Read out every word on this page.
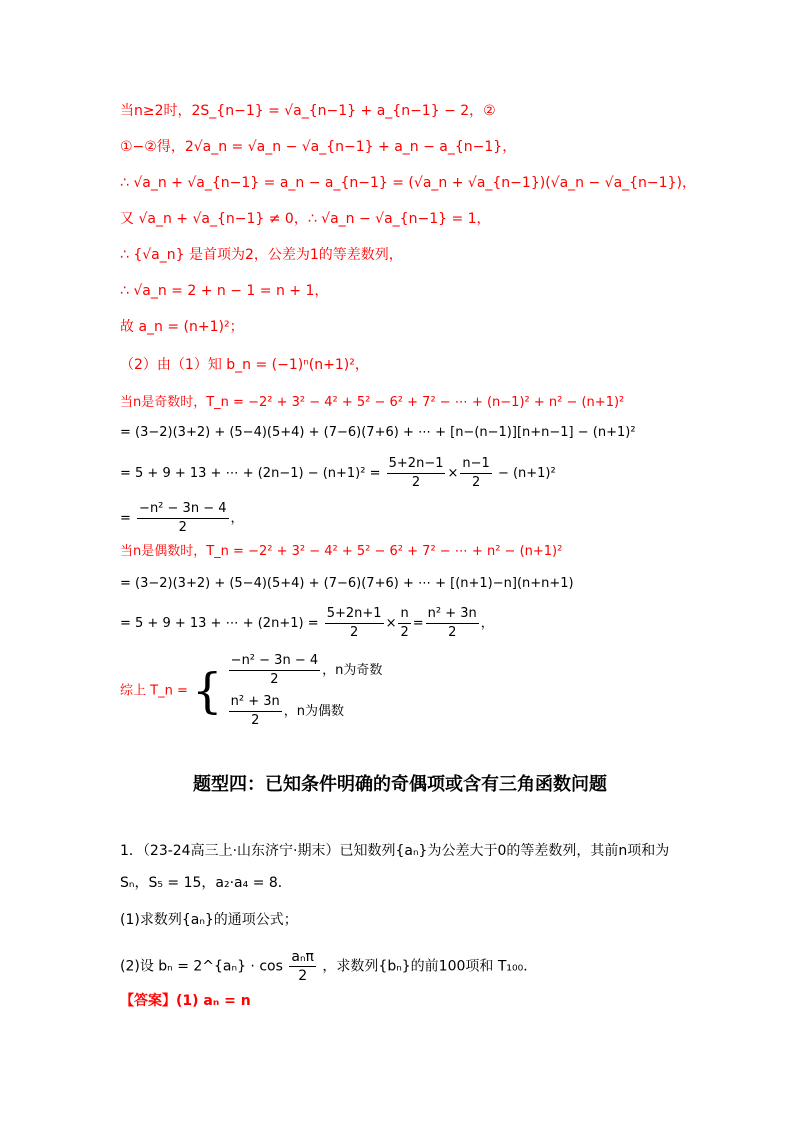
当n≥2时，2S_{n−1} = √a_{n−1} + a_{n−1} − 2，②
①−②得，2√a_n = √a_n − √a_{n−1} + a_n − a_{n−1}，
∴ √a_n + √a_{n−1} = a_n − a_{n−1} = (√a_n + √a_{n−1})(√a_n − √a_{n−1})，
又 √a_n + √a_{n−1} ≠ 0，∴ √a_n − √a_{n−1} = 1，
∴ {√a_n} 是首项为2，公差为1的等差数列，
∴ √a_n = 2 + n − 1 = n + 1，
故 a_n = (n+1)²；
（2）由（1）知 b_n = (−1)ⁿ(n+1)²，
当n是奇数时，T_n = −2² + 3² − 4² + 5² − 6² + 7² − ⋯ + (n−1)² + n² − (n+1)²
= (3−2)(3+2) + (5−4)(5+4) + (7−6)(7+6) + ⋯ + [n−(n−1)][n+n−1] − (n+1)²
= 5 + 9 + 13 + ⋯ + $(2n-1) - (n+1)^2 = \frac{5+2n-1}{2} \times \frac{n-1}{2} - (n+1)^2$
= $\frac{\text{−n² − 3n − 4}}{2}$ ，
当n是偶数时，T_n = −2² + 3² − 4² + 5² − 6² + 7² − ⋯ + n² − (n+1)²
= (3−2)(3+2) + (5−4)(5+4) + (7−6)(7+6) + ⋯ + [(n+1)−n](n+n+1)
= 5 + 9 + 13 + ⋯ + $(2n+1) = \frac{5+2n+1}{2} \times \frac{n}{2} = \frac{\text{n² + 3n}}{2}$ ，
综上 T_n = { $\frac{\text{−n² − 3n − 4}}{2}$ ，n为奇数
$\frac{\text{n² + 3n}}{2}$ ，n为偶数
题型四：已知条件明确的奇偶项或含有三角函数问题
1．（23-24高三上·山东济宁·期末）已知数列{aₙ}为公差大于0的等差数列，其前n项和为
Sₙ，S₅ = 15，a₂·a₄ = 8．
(1)求数列{aₙ}的通项公式；
(2)设 bₙ = 2^{aₙ} · $\cos \frac{\text{aₙπ}}{2}$ ，求数列{bₙ}的前100项和 T₁₀₀．
【答案】(1) aₙ = n
